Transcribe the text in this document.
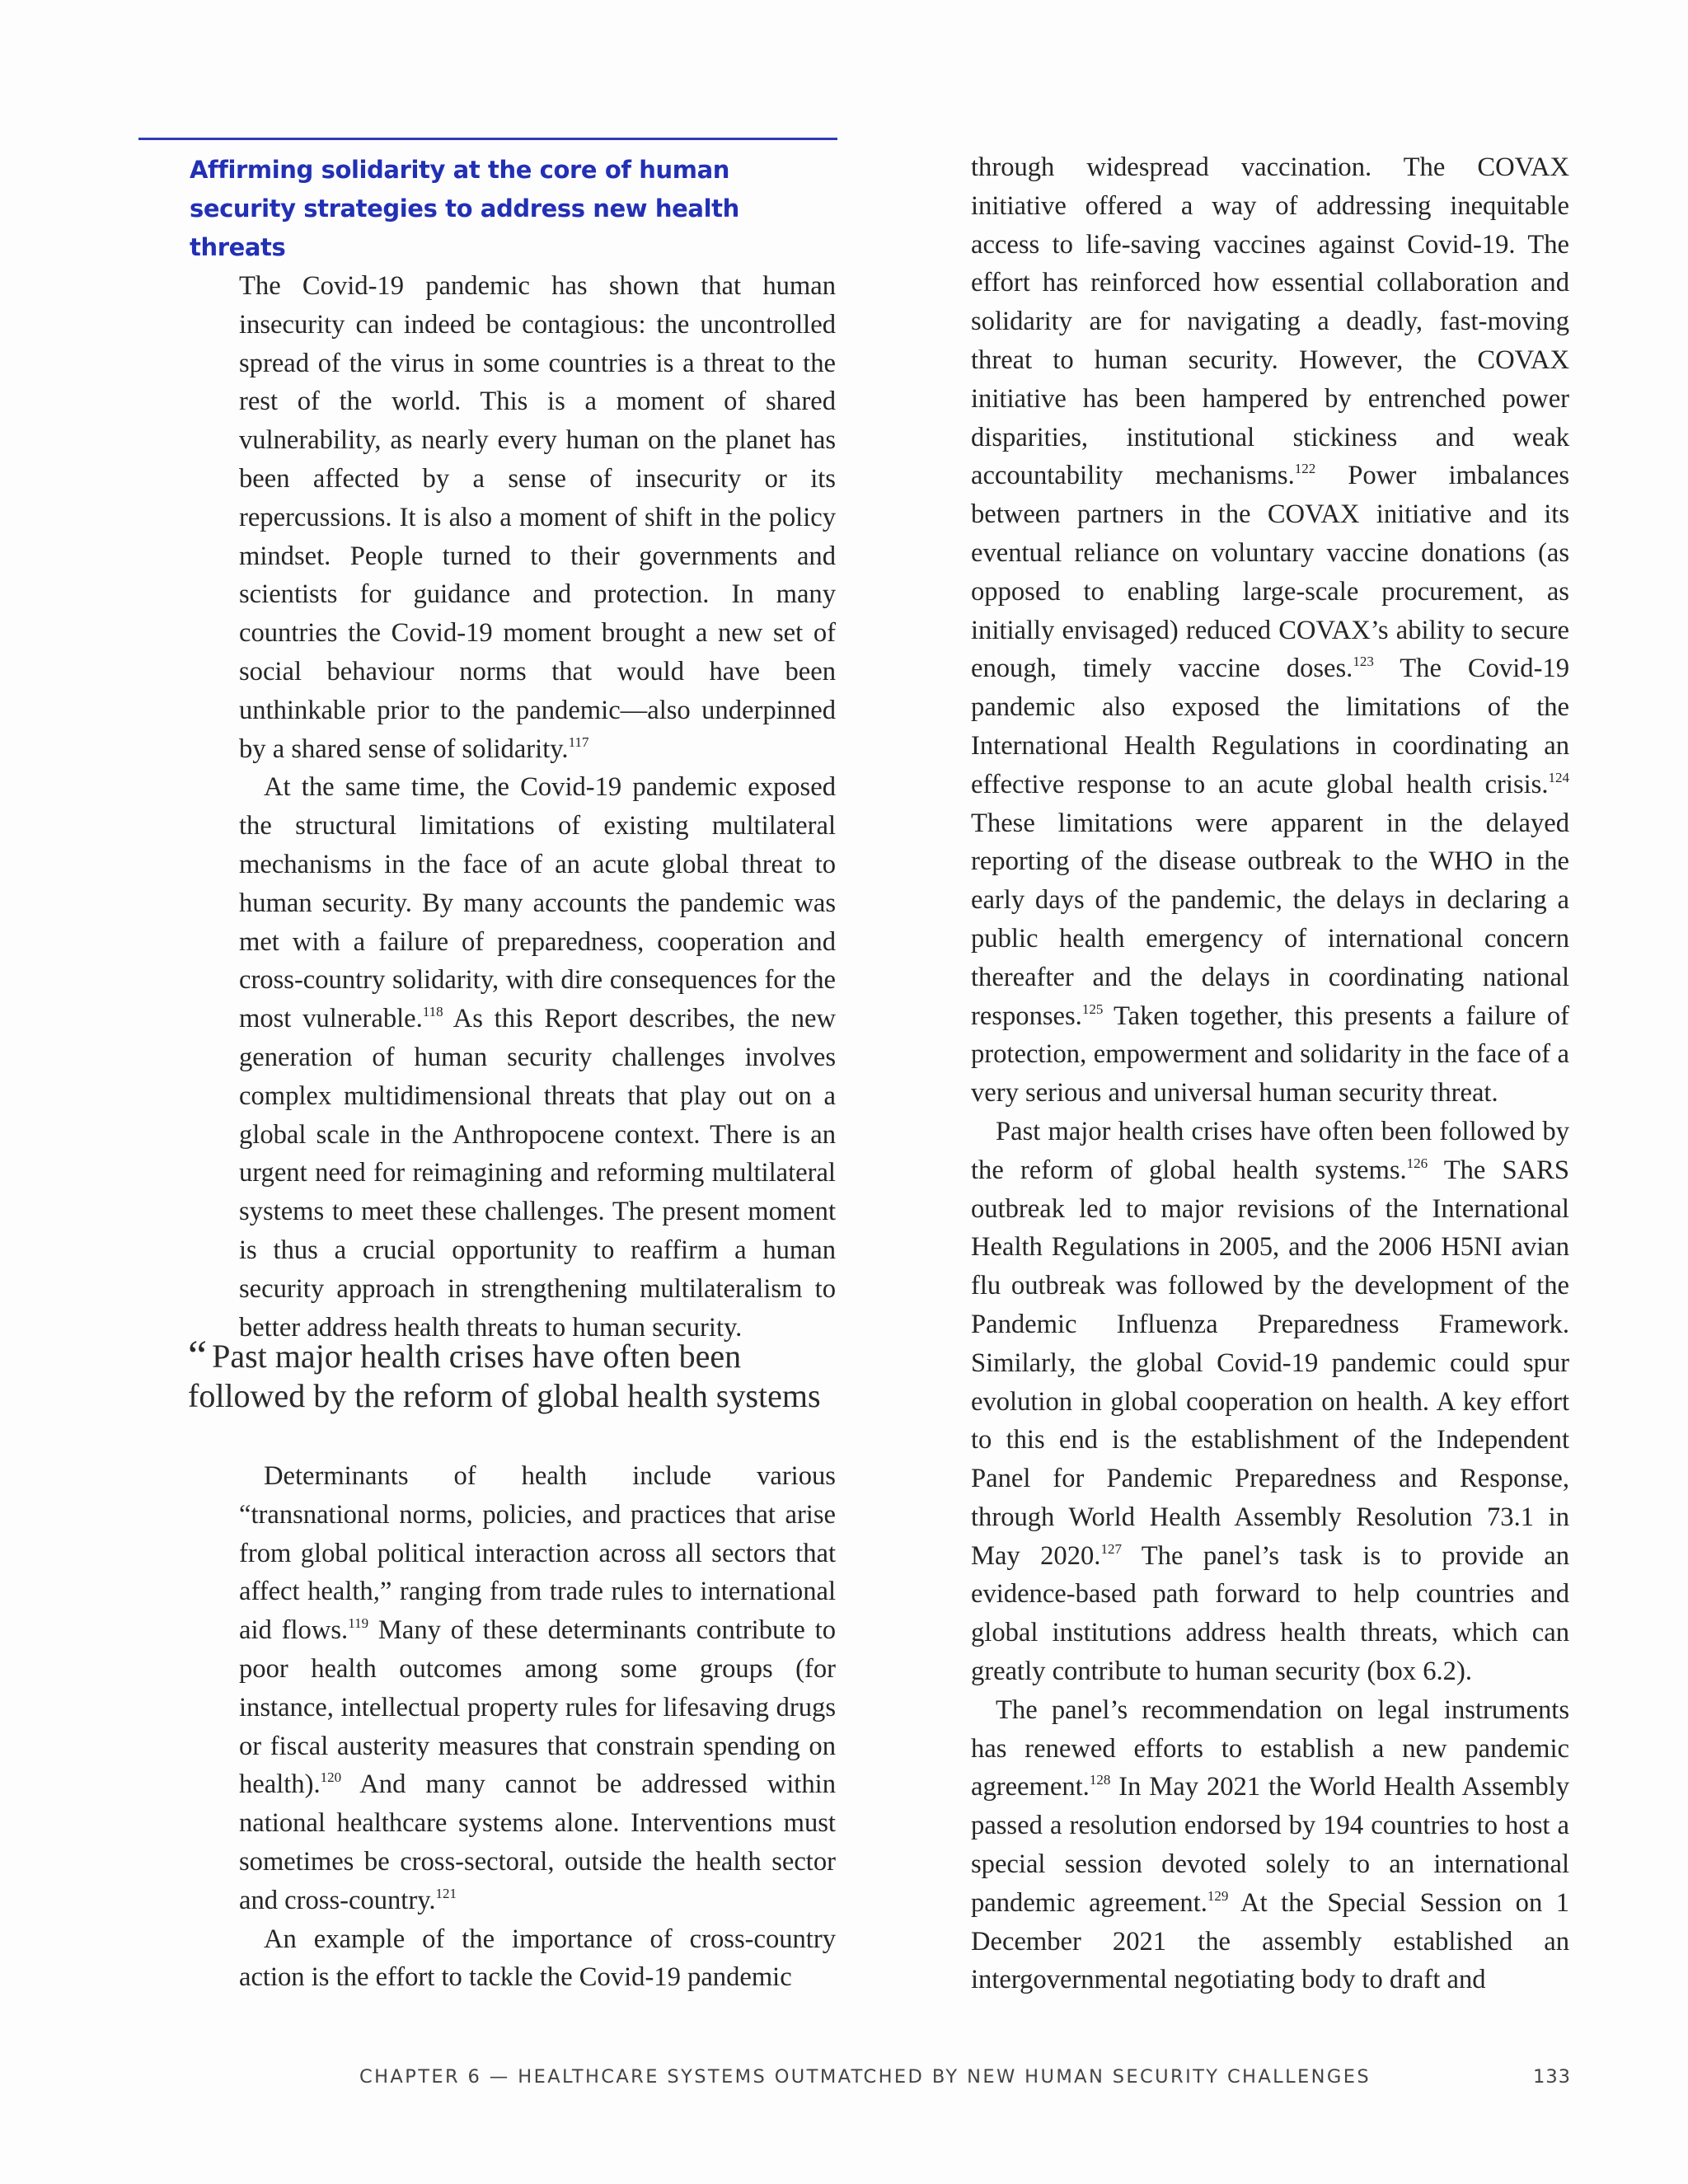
Affirming solidarity at the core of human security strategies to address new health threats

The Covid-19 pandemic has shown that human insecurity can indeed be contagious: the uncontrolled spread of the virus in some countries is a threat to the rest of the world. This is a moment of shared vulnerability, as nearly every human on the planet has been affected by a sense of insecurity or its repercussions. It is also a moment of shift in the policy mindset. People turned to their governments and scientists for guidance and protection. In many countries the Covid-19 moment brought a new set of social behaviour norms that would have been unthinkable prior to the pandemic—also underpinned by a shared sense of solidarity.$^{117}$

At the same time, the Covid-19 pandemic exposed the structural limitations of existing multilateral mechanisms in the face of an acute global threat to human security. By many accounts the pandemic was met with a failure of preparedness, cooperation and cross-country solidarity, with dire consequences for the most vulnerable.$^{118}$ As this Report describes, the new generation of human security challenges involves complex multidimensional threats that play out on a global scale in the Anthropocene context. There is an urgent need for reimagining and reforming multilateral systems to meet these challenges. The present moment is thus a crucial opportunity to reaffirm a human security approach in strengthening multilateralism to better address health threats to human security.

“ Past major health crises have often been followed by the reform of global health systems

Determinants of health include various “transnational norms, policies, and practices that arise from global political interaction across all sectors that affect health,” ranging from trade rules to international aid flows.$^{119}$ Many of these determinants contribute to poor health outcomes among some groups (for instance, intellectual property rules for lifesaving drugs or fiscal austerity measures that constrain spending on health).$^{120}$ And many cannot be addressed within national healthcare systems alone. Interventions must sometimes be cross-sectoral, outside the health sector and cross-country.$^{121}$

An example of the importance of cross-country action is the effort to tackle the Covid-19 pandemic

through widespread vaccination. The COVAX initiative offered a way of addressing inequitable access to life-saving vaccines against Covid-19. The effort has reinforced how essential collaboration and solidarity are for navigating a deadly, fast-moving threat to human security. However, the COVAX initiative has been hampered by entrenched power disparities, institutional stickiness and weak accountability mechanisms.$^{122}$ Power imbalances between partners in the COVAX initiative and its eventual reliance on voluntary vaccine donations (as opposed to enabling large-scale procurement, as initially envisaged) reduced COVAX’s ability to secure enough, timely vaccine doses.$^{123}$ The Covid-19 pandemic also exposed the limitations of the International Health Regulations in coordinating an effective response to an acute global health crisis.$^{124}$ These limitations were apparent in the delayed reporting of the disease outbreak to the WHO in the early days of the pandemic, the delays in declaring a public health emergency of international concern thereafter and the delays in coordinating national responses.$^{125}$ Taken together, this presents a failure of protection, empowerment and solidarity in the face of a very serious and universal human security threat.

Past major health crises have often been followed by the reform of global health systems.$^{126}$ The SARS outbreak led to major revisions of the International Health Regulations in 2005, and the 2006 H5NI avian flu outbreak was followed by the development of the Pandemic Influenza Preparedness Framework. Similarly, the global Covid-19 pandemic could spur evolution in global cooperation on health. A key effort to this end is the establishment of the Independent Panel for Pandemic Preparedness and Response, through World Health Assembly Resolution 73.1 in May 2020.$^{127}$ The panel’s task is to provide an evidence-based path forward to help countries and global institutions address health threats, which can greatly contribute to human security (box 6.2).

The panel’s recommendation on legal instruments has renewed efforts to establish a new pandemic agreement.$^{128}$ In May 2021 the World Health Assembly passed a resolution endorsed by 194 countries to host a special session devoted solely to an international pandemic agreement.$^{129}$ At the Special Session on 1 December 2021 the assembly established an intergovernmental negotiating body to draft and

CHAPTER 6 — HEALTHCARE SYSTEMS OUTMATCHED BY NEW HUMAN SECURITY CHALLENGES	133
